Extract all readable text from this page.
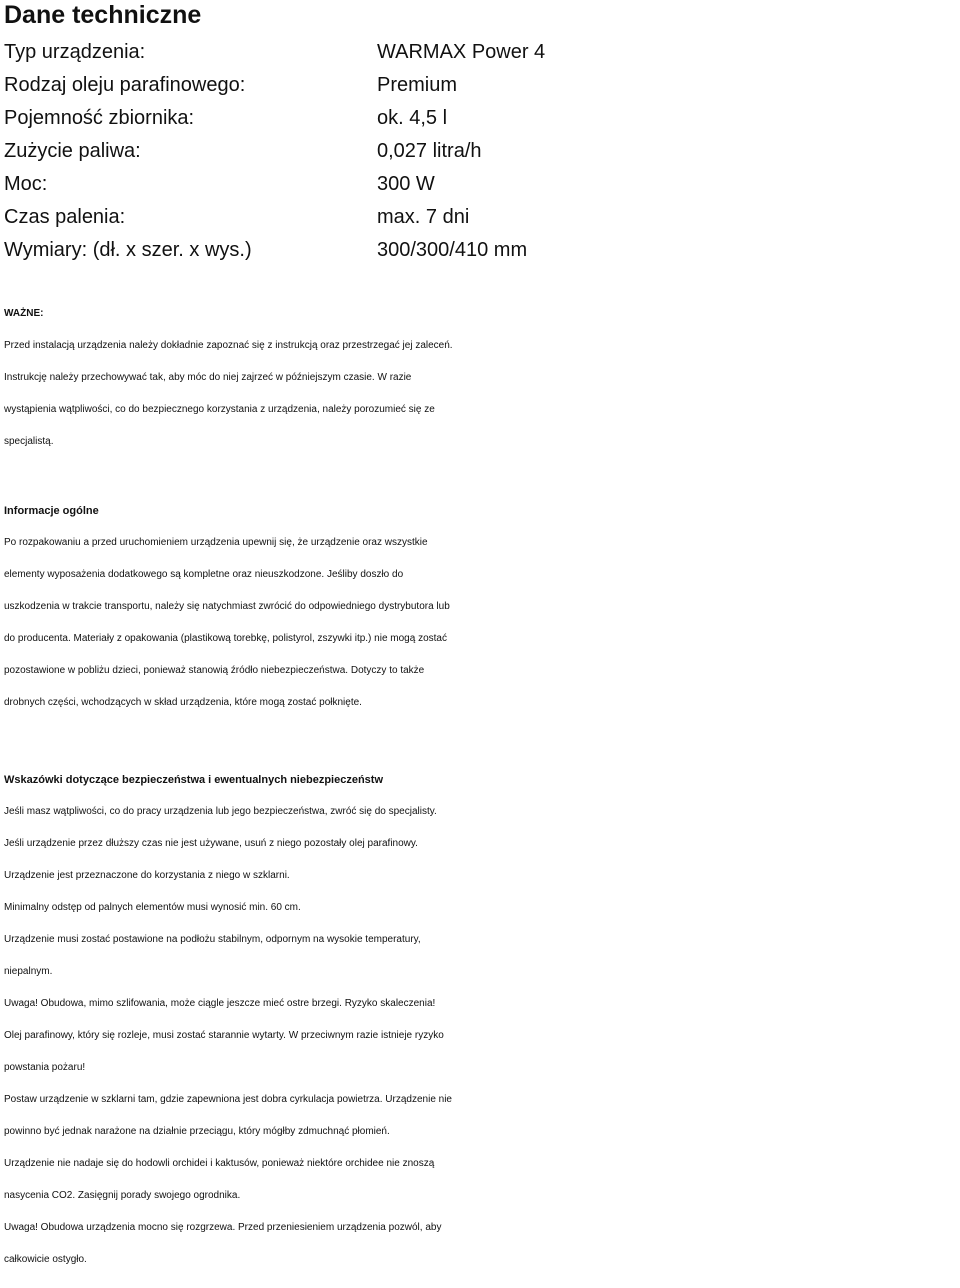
Dane techniczne
Typ urządzenia:	WARMAX Power 4
Rodzaj oleju parafinowego:	Premium
Pojemność zbiornika:	ok. 4,5 l
Zużycie paliwa:	0,027 litra/h
Moc:	300 W
Czas palenia:	max. 7 dni
Wymiary: (dł. x szer. x wys.)	300/300/410 mm

WAŻNE:

Przed instalacją urządzenia należy dokładnie zapoznać się z instrukcją oraz przestrzegać jej zaleceń.

Instrukcję należy przechowywać tak, aby móc do niej zajrzeć w późniejszym czasie. W razie

wystąpienia wątpliwości, co do bezpiecznego korzystania z urządzenia, należy porozumieć się ze

specjalistą.

Informacje ogólne

Po rozpakowaniu a przed uruchomieniem urządzenia upewnij się, że urządzenie oraz wszystkie

elementy wyposażenia dodatkowego są kompletne oraz nieuszkodzone. Jeśliby doszło do

uszkodzenia w trakcie transportu, należy się natychmiast zwrócić do odpowiedniego dystrybutora lub

do producenta. Materiały z opakowania (plastikową torebkę, polistyrol, zszywki itp.) nie mogą zostać

pozostawione w pobliżu dzieci, ponieważ stanowią źródło niebezpieczeństwa. Dotyczy to także

drobnych części, wchodzących w skład urządzenia, które mogą zostać połknięte.

Wskazówki dotyczące bezpieczeństwa i ewentualnych niebezpieczeństw

Jeśli masz wątpliwości, co do pracy urządzenia lub jego bezpieczeństwa, zwróć się do specjalisty.

Jeśli urządzenie przez dłuższy czas nie jest używane, usuń z niego pozostały olej parafinowy.

Urządzenie jest przeznaczone do korzystania z niego w szklarni.

Minimalny odstęp od palnych elementów musi wynosić min. 60 cm.

Urządzenie musi zostać postawione na podłożu stabilnym, odpornym na wysokie temperatury,

niepalnym.

Uwaga! Obudowa, mimo szlifowania, może ciągle jeszcze mieć ostre brzegi. Ryzyko skaleczenia!

Olej parafinowy, który się rozleje, musi zostać starannie wytarty. W przeciwnym razie istnieje ryzyko

powstania pożaru!

Postaw urządzenie w szklarni tam, gdzie zapewniona jest dobra cyrkulacja powietrza. Urządzenie nie

powinno być jednak narażone na działnie przeciągu, który mógłby zdmuchnąć płomień.

Urządzenie nie nadaje się do hodowli orchidei i kaktusów, ponieważ niektóre orchidee nie znoszą

nasycenia CO2. Zasięgnij porady swojego ogrodnika.

Uwaga! Obudowa urządzenia mocno się rozgrzewa. Przed przeniesieniem urządzenia pozwól, aby

całkowicie ostygło.
